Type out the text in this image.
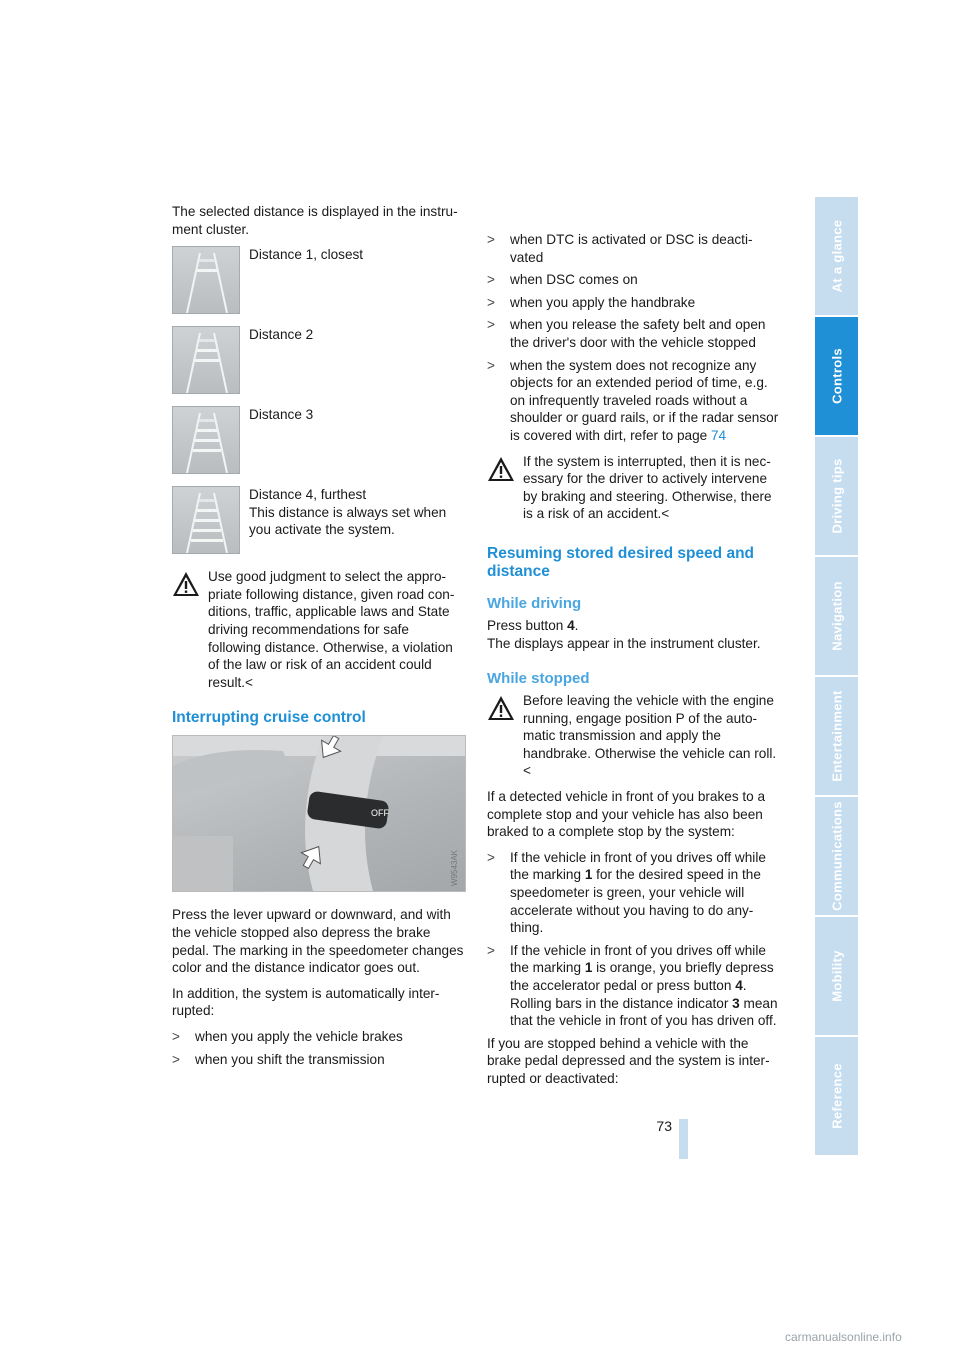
The selected distance is displayed in the instru-ment cluster.

Distance 1, closest
Distance 2
Distance 3
Distance 4, furthest
This distance is always set when you activate the system.

Use good judgment to select the appro-priate following distance, given road con-ditions, traffic, applicable laws and State driving recommendations for safe following distance. Otherwise, a violation of the law or risk of an accident could result.<

Interrupting cruise control
OFF
W9543AK

Press the lever upward or downward, and with the vehicle stopped also depress the brake pedal. The marking in the speedometer changes color and the distance indicator goes out.

In addition, the system is automatically inter-rupted:

> when you apply the vehicle brakes
> when you shift the transmission
> when DTC is activated or DSC is deacti-vated
> when DSC comes on
> when you apply the handbrake
> when you release the safety belt and open the driver's door with the vehicle stopped
> when the system does not recognize any objects for an extended period of time, e.g. on infrequently traveled roads without a shoulder or guard rails, or if the radar sensor is covered with dirt, refer to page 74

If the system is interrupted, then it is nec-essary for the driver to actively intervene by braking and steering. Otherwise, there is a risk of an accident.<

Resuming stored desired speed and distance
While driving

Press button 4.

The displays appear in the instrument cluster.

While stopped

Before leaving the vehicle with the engine running, engage position P of the auto-matic transmission and apply the handbrake. Otherwise the vehicle can roll.<

If a detected vehicle in front of you brakes to a complete stop and your vehicle has also been braked to a complete stop by the system:

> If the vehicle in front of you drives off while the marking 1 for the desired speed in the speedometer is green, your vehicle will accelerate without you having to do any-thing.
> If the vehicle in front of you drives off while the marking 1 is orange, you briefly depress the accelerator pedal or press button 4. Rolling bars in the distance indicator 3 mean that the vehicle in front of you has driven off.

If you are stopped behind a vehicle with the brake pedal depressed and the system is inter-rupted or deactivated:

At a glance
Controls
Driving tips
Navigation
Entertainment
Communications
Mobility
Reference
73
carmanualsonline.info
